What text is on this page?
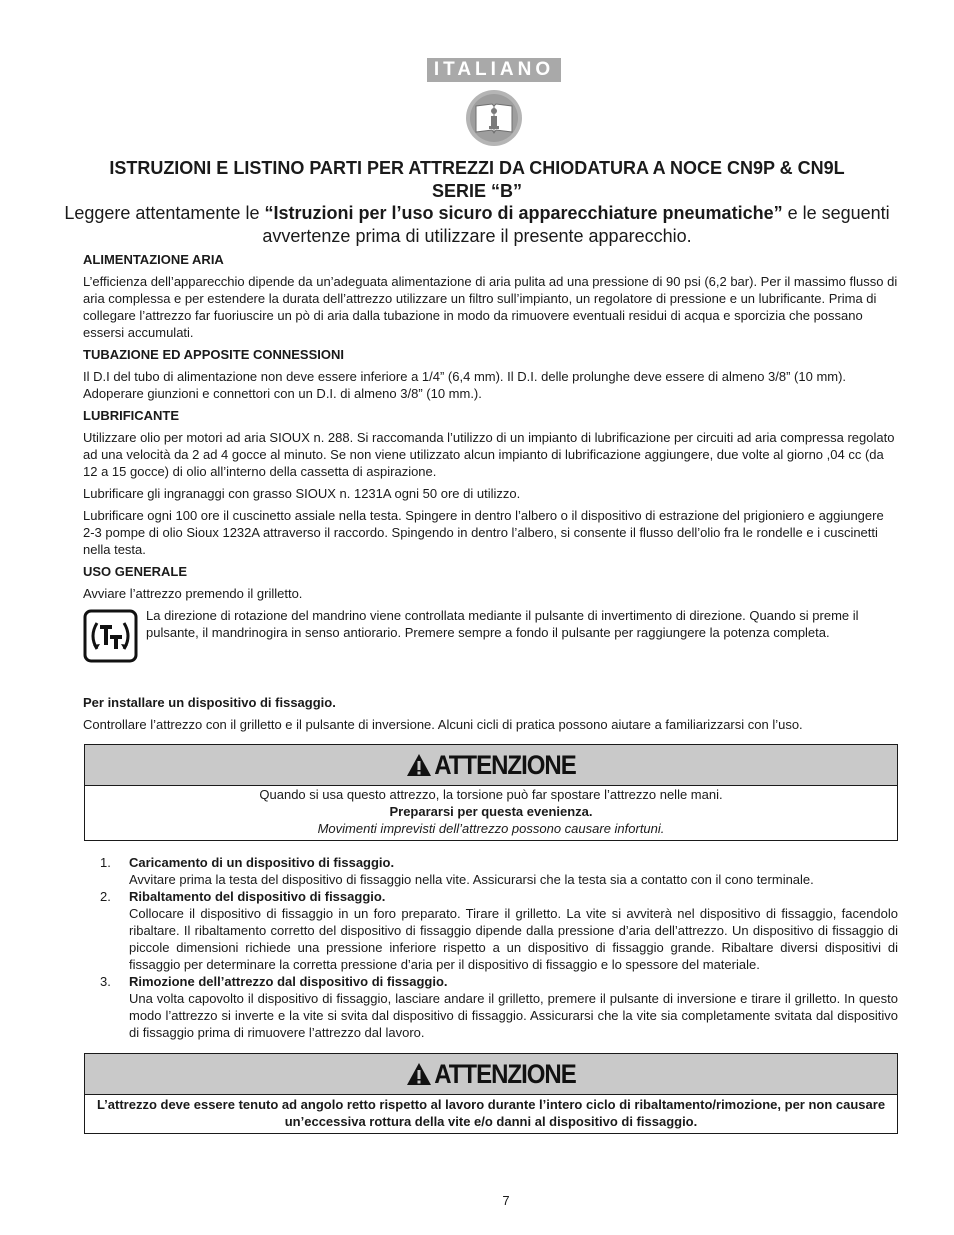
ITALIANO
ISTRUZIONI E LISTINO PARTI PER ATTREZZI DA CHIODATURA A NOCE CN9P & CN9L
SERIE “B”

Leggere attentamente le “Istruzioni per l’uso sicuro di apparecchiature pneumatiche” e le seguenti avvertenze prima di utilizzare il presente apparecchio.

ALIMENTAZIONE ARIA
L’efficienza dell’apparecchio dipende da un’adeguata alimentazione di aria pulita ad una pressione di 90 psi (6,2 bar). Per il massimo flusso di aria complessa e per estendere la durata dell’attrezzo utilizzare un filtro sull’impianto, un regolatore di pressione e un lubrificante. Prima di collegare l’attrezzo far fuoriuscire un pò di aria dalla tubazione in modo da rimuovere eventuali residui di acqua e sporcizia che possano essersi accumulati.
TUBAZIONE ED APPOSITE CONNESSIONI
Il D.I del tubo di alimentazione non deve essere inferiore a 1/4” (6,4 mm). Il D.I. delle prolunghe deve essere di almeno 3/8” (10 mm). Adoperare giunzioni e connettori con un D.I. di almeno 3/8” (10 mm.).
LUBRIFICANTE
Utilizzare olio per motori ad aria SIOUX n. 288. Si raccomanda l’utilizzo di un impianto di lubrificazione per circuiti ad aria compressa regolato ad una velocità da 2 ad 4 gocce al minuto. Se non viene utilizzato alcun impianto di lubrificazione aggiungere, due volte al giorno ,04 cc (da 12 a 15 gocce) di olio all’interno della cassetta di aspirazione.
Lubrificare gli ingranaggi con grasso SIOUX n. 1231A ogni 50 ore di utilizzo.
Lubrificare ogni 100 ore il cuscinetto assiale nella testa. Spingere in dentro l’albero o il dispositivo di estrazione del prigioniero e aggiungere 2-3 pompe di olio Sioux 1232A attraverso il raccordo. Spingendo in dentro l’albero, si consente il flusso dell’olio fra le rondelle e i cuscinetti nella testa.
USO GENERALE
Avviare l’attrezzo premendo il grilletto.
La direzione di rotazione del mandrino viene controllata mediante il pulsante di invertimento di direzione. Quando si preme il pulsante, il mandrinogira in senso antiorario. Premere sempre a fondo il pulsante per raggiungere la potenza completa.
Per installare un dispositivo di fissaggio.
Controllare l’attrezzo con il grilletto e il pulsante di inversione. Alcuni cicli di pratica possono aiutare a familiarizzarsi con l’uso.
ATTENZIONE
Quando si usa questo attrezzo, la torsione può far spostare l’attrezzo nelle mani.
Prepararsi per questa evenienza.
Movimenti imprevisti dell’attrezzo possono causare infortuni.
1.	Caricamento di un dispositivo di fissaggio.
Avvitare prima la testa del dispositivo di fissaggio nella vite. Assicurarsi che la testa sia a contatto con il cono terminale.
2.	Ribaltamento del dispositivo di fissaggio.
Collocare il dispositivo di fissaggio in un foro preparato. Tirare il grilletto. La vite si avviterà nel dispositivo di fissaggio, facendolo ribaltare. Il ribaltamento corretto del dispositivo di fissaggio dipende dalla pressione d’aria dell’attrezzo. Un dispositivo di fissaggio di piccole dimensioni richiede una pressione inferiore rispetto a un dispositivo di fissaggio grande. Ribaltare diversi dispositivi di fissaggio per determinare la corretta pressione d’aria per il dispositivo di fissaggio e lo spessore del materiale.
3.	Rimozione dell’attrezzo dal dispositivo di fissaggio.
Una volta capovolto il dispositivo di fissaggio, lasciare andare il grilletto, premere il pulsante di inversione e tirare il grilletto. In questo modo l’attrezzo si inverte e la vite si svita dal dispositivo di fissaggio. Assicurarsi che la vite sia completamente svitata dal dispositivo di fissaggio prima di rimuovere l’attrezzo dal lavoro.
ATTENZIONE
L’attrezzo deve essere tenuto ad angolo retto rispetto al lavoro durante l’intero ciclo di ribaltamento/rimozione, per non causare un’eccessiva rottura della vite e/o danni al dispositivo di fissaggio.
7
